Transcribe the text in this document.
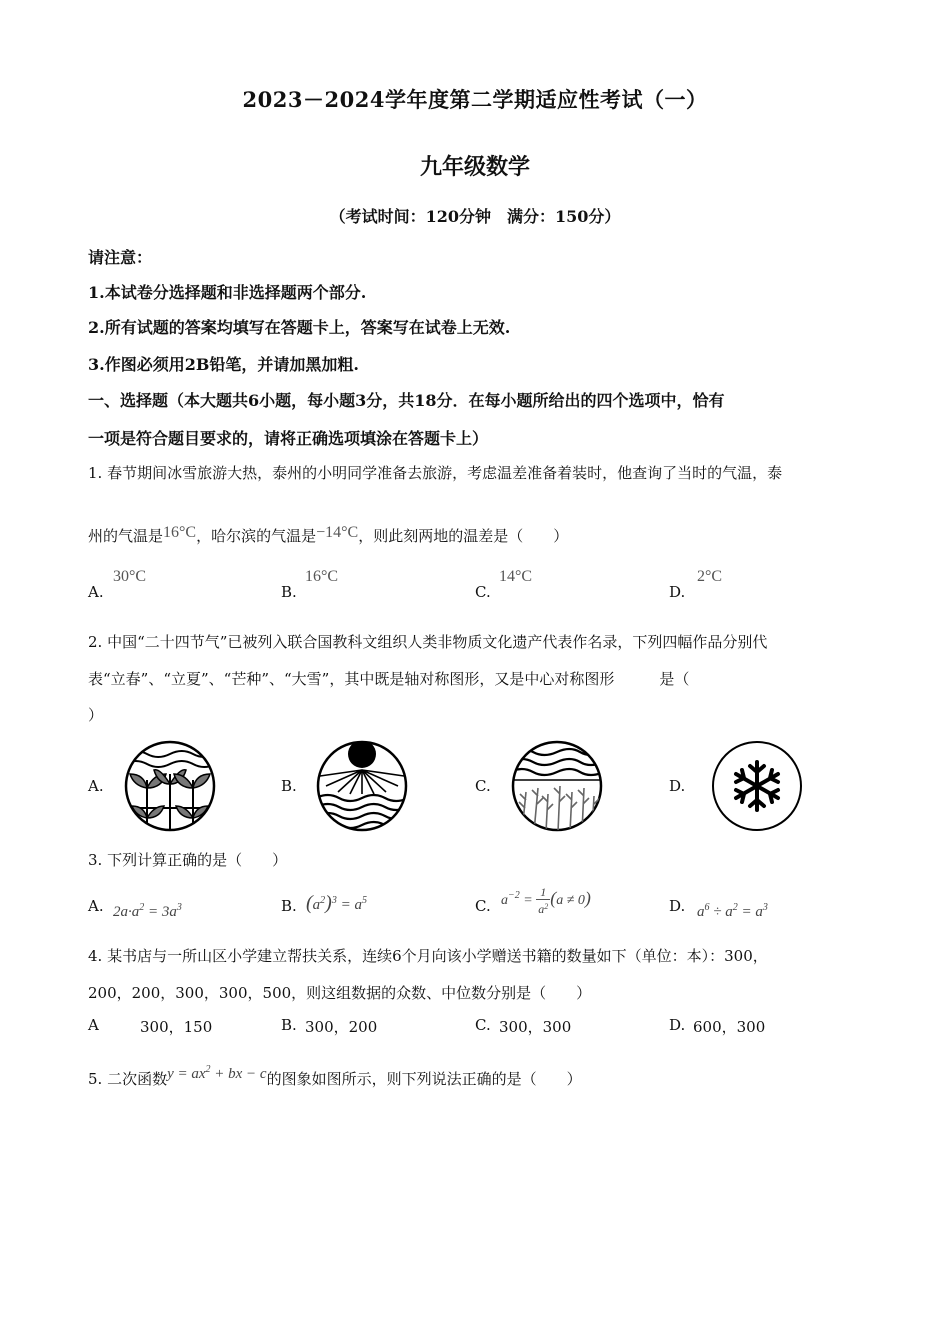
2023－2024学年度第二学期适应性考试（一）
九年级数学
（考试时间：120分钟　满分：150分）
请注意：
1.本试卷分选择题和非选择题两个部分.
2.所有试题的答案均填写在答题卡上，答案写在试卷上无效.
3.作图必须用2B铅笔，并请加黑加粗.
一、选择题（本大题共6小题，每小题3分，共18分．在每小题所给出的四个选项中，恰有
一项是符合题目要求的，请将正确选项填涂在答题卡上）
1. 春节期间冰雪旅游大热，泰州的小明同学准备去旅游，考虑温差准备着装时，他查询了当时的气温，泰
州的气温是16°C，哈尔滨的气温是−14°C，则此刻两地的温差是（　　）
A.
30°C
B.
16°C
C.
14°C
D.
2°C
2. 中国“二十四节气”已被列入联合国教科文组织人类非物质文化遗产代表作名录，下列四幅作品分别代
表“立春”、“立夏”、“芒种”、“大雪”，其中既是轴对称图形，又是中心对称图形　　　是（
）
A.	B.	C.	D.
3. 下列计算正确的是（　　）
A. $2a\cdot a^2 = 3a^3$	B. $(a^2)^3 = a^5$	C. $a^{-2} = \frac{1}{a^2} (a \ne 0)$	D. $a^6 \div a^2 = a^3$
4. 某书店与一所山区小学建立帮扶关系，连续6个月向该小学赠送书籍的数量如下（单位：本）：300，
200，200，300，300，500，则这组数据的众数、中位数分别是（　　）
A	300，150	B. 300，200	C. 300，300	D. 600，300
5. 二次函数$y = ax^2$ + bx − c的图象如图所示，则下列说法正确的是（　　）
